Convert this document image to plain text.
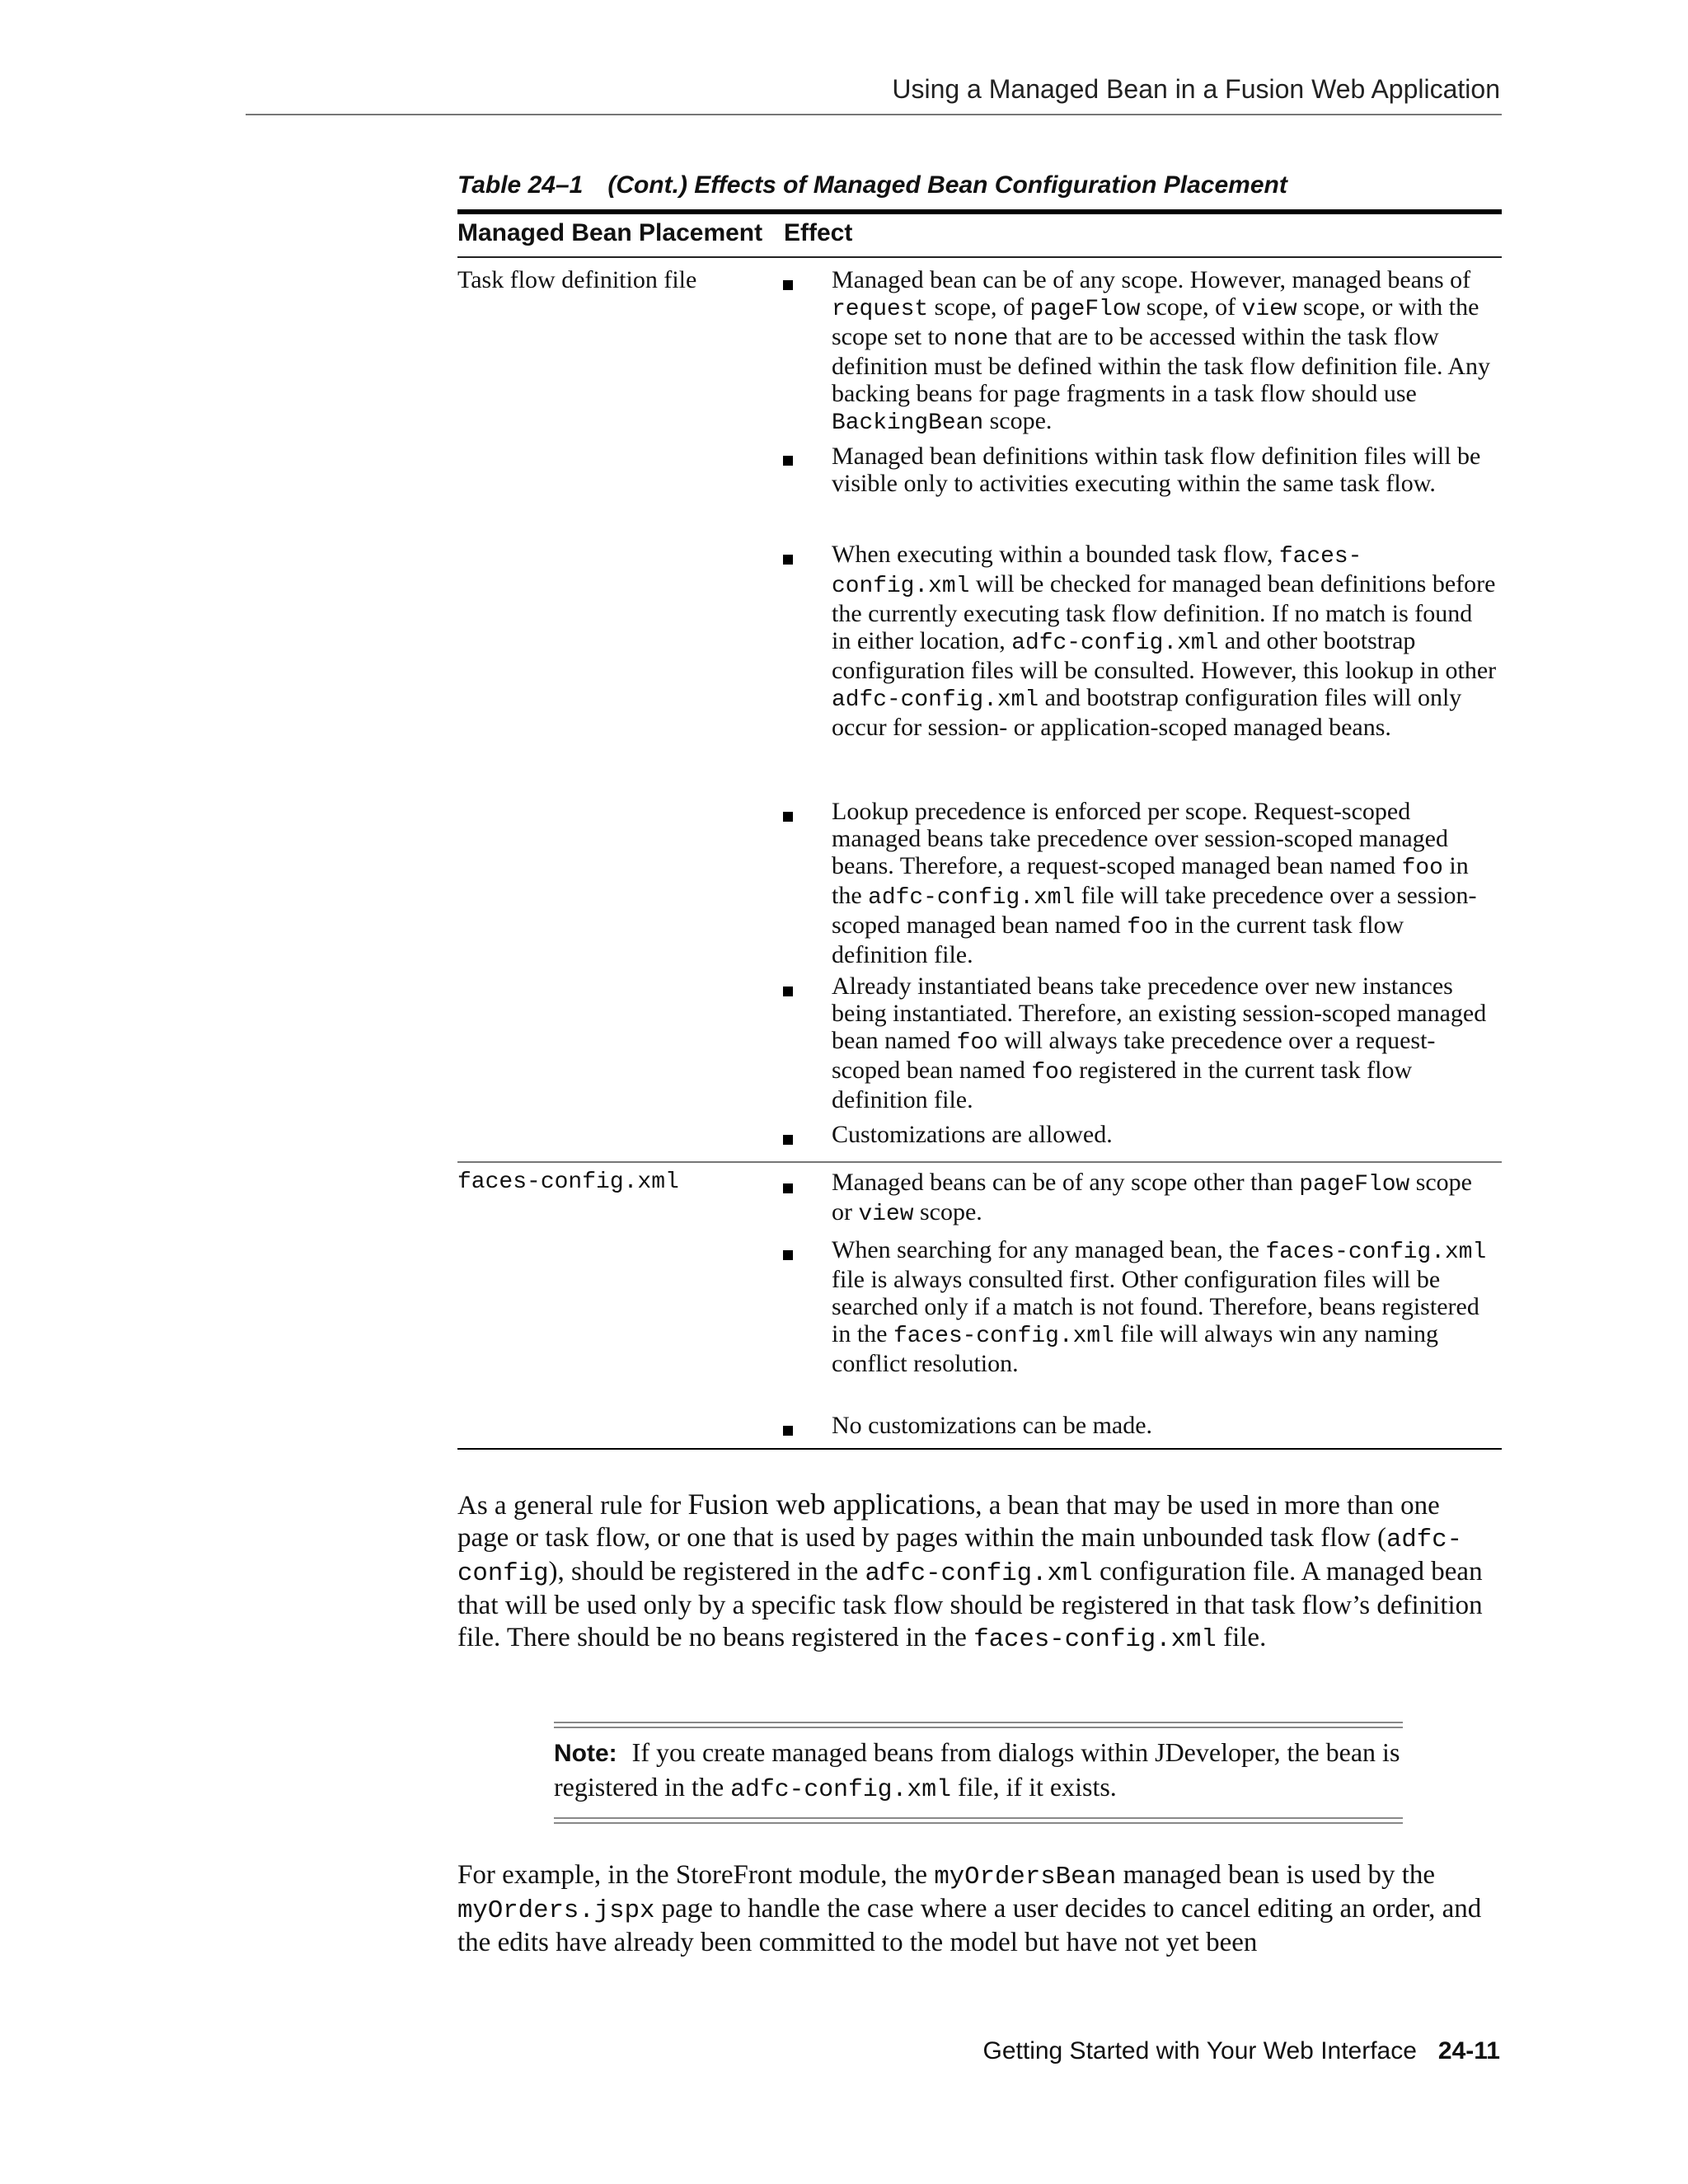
Using a Managed Bean in a Fusion Web Application
Table 24–1 (Cont.) Effects of Managed Bean Configuration Placement
Managed Bean Placement Effect
Task flow definition file	Managed bean can be of any scope. However, managed beans of request scope, of pageFlow scope, of view scope, or with the scope set to none that are to be accessed within the task flow definition must be defined within the task flow definition file. Any backing beans for page fragments in a task flow should use BackingBean scope.
Managed bean definitions within task flow definition files will be visible only to activities executing within the same task flow.
When executing within a bounded task flow, faces-config.xml will be checked for managed bean definitions before the currently executing task flow definition. If no match is found in either location, adfc-config.xml and other bootstrap configuration files will be consulted. However, this lookup in other adfc-config.xml and bootstrap configuration files will only occur for session- or application-scoped managed beans.
Lookup precedence is enforced per scope. Request-scoped managed beans take precedence over session-scoped managed beans. Therefore, a request-scoped managed bean named foo in the adfc-config.xml file will take precedence over a session-scoped managed bean named foo in the current task flow definition file.
Already instantiated beans take precedence over new instances being instantiated. Therefore, an existing session-scoped managed bean named foo will always take precedence over a request-scoped bean named foo registered in the current task flow definition file.
Customizations are allowed.
faces-config.xml	Managed beans can be of any scope other than pageFlow scope or view scope.
When searching for any managed bean, the faces-config.xml file is always consulted first. Other configuration files will be searched only if a match is not found. Therefore, beans registered in the faces-config.xml file will always win any naming conflict resolution.
No customizations can be made.
As a general rule for Fusion web applications, a bean that may be used in more than one page or task flow, or one that is used by pages within the main unbounded task flow (adfc-config), should be registered in the adfc-config.xml configuration file. A managed bean that will be used only by a specific task flow should be registered in that task flow’s definition file. There should be no beans registered in the faces-config.xml file.
Note: If you create managed beans from dialogs within JDeveloper, the bean is registered in the adfc-config.xml file, if it exists.
For example, in the StoreFront module, the myOrdersBean managed bean is used by the myOrders.jspx page to handle the case where a user decides to cancel editing an order, and the edits have already been committed to the model but have not yet been
Getting Started with Your Web Interface 24-11
